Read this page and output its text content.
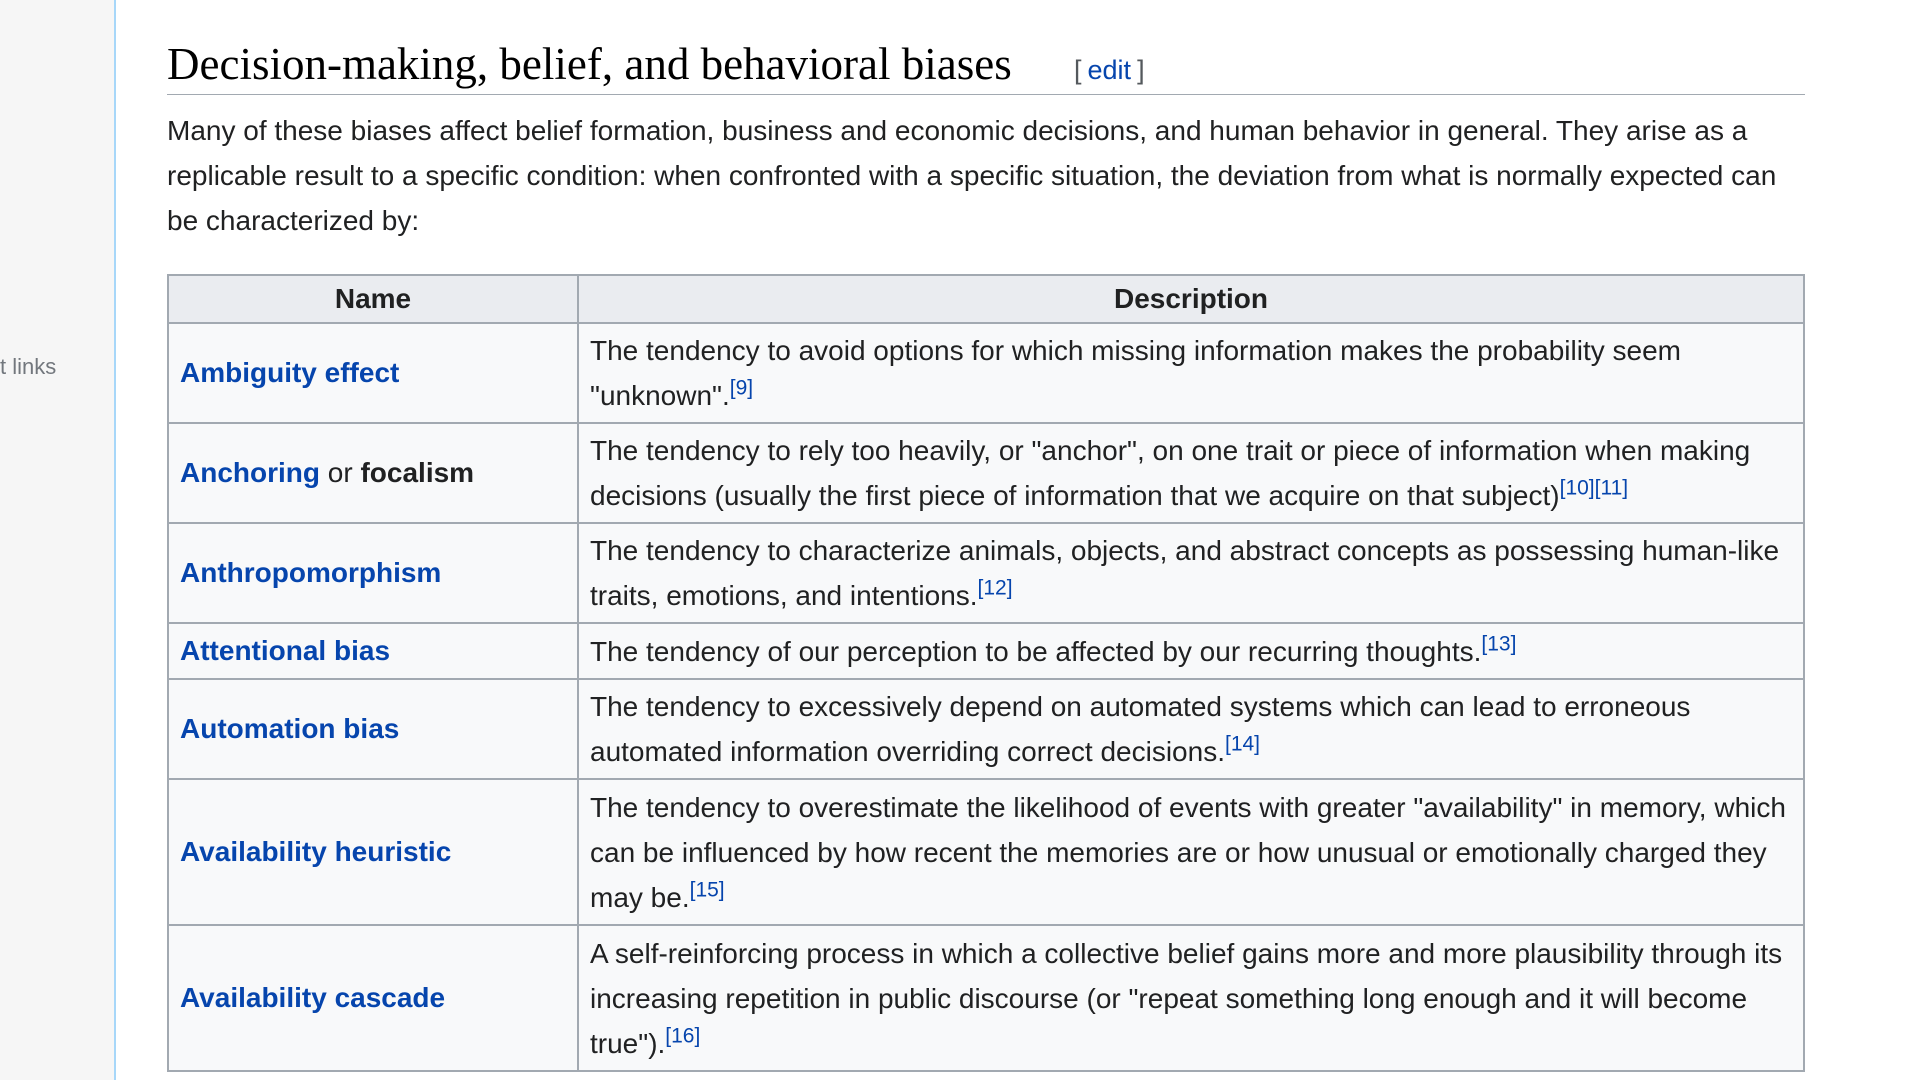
t links
Decision-making, belief, and behavioral biases [ edit ]

Many of these biases affect belief formation, business and economic decisions, and human behavior in general. They arise as a replicable result to a specific condition: when confronted with a specific situation, the deviation from what is normally expected can be characterized by:

Name	Description
Ambiguity effect	The tendency to avoid options for which missing information makes the probability seem "unknown".[9]
Anchoring or focalism	The tendency to rely too heavily, or "anchor", on one trait or piece of information when making decisions (usually the first piece of information that we acquire on that subject)[10][11]
Anthropomorphism	The tendency to characterize animals, objects, and abstract concepts as possessing human-like traits, emotions, and intentions.[12]
Attentional bias	The tendency of our perception to be affected by our recurring thoughts.[13]
Automation bias	The tendency to excessively depend on automated systems which can lead to erroneous automated information overriding correct decisions.[14]
Availability heuristic	The tendency to overestimate the likelihood of events with greater "availability" in memory, which can be influenced by how recent the memories are or how unusual or emotionally charged they may be.[15]
Availability cascade	A self-reinforcing process in which a collective belief gains more and more plausibility through its increasing repetition in public discourse (or "repeat something long enough and it will become true").[16]
